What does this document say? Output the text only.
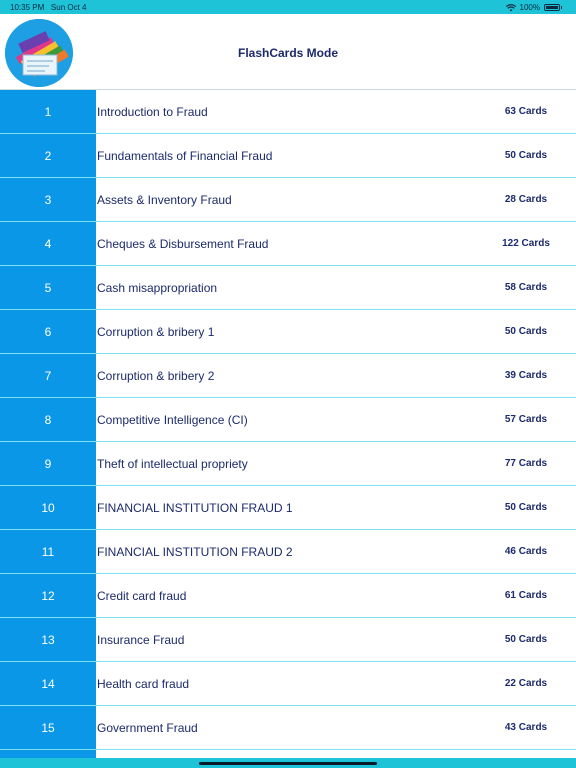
10:35 PM Sun Oct 4	100%
FlashCards Mode
1	Introduction to Fraud	63 Cards
2	Fundamentals of Financial Fraud	50 Cards
3	Assets & Inventory Fraud	28 Cards
4	Cheques & Disbursement Fraud	122 Cards
5	Cash misappropriation	58 Cards
6	Corruption & bribery 1	50 Cards
7	Corruption & bribery 2	39 Cards
8	Competitive Intelligence (CI)	57 Cards
9	Theft of intellectual propriety	77 Cards
10	FINANCIAL INSTITUTION FRAUD 1	50 Cards
11	FINANCIAL INSTITUTION FRAUD 2	46 Cards
12	Credit card fraud	61 Cards
13	Insurance Fraud	50 Cards
14	Health card fraud	22 Cards
15	Government Fraud	43 Cards
